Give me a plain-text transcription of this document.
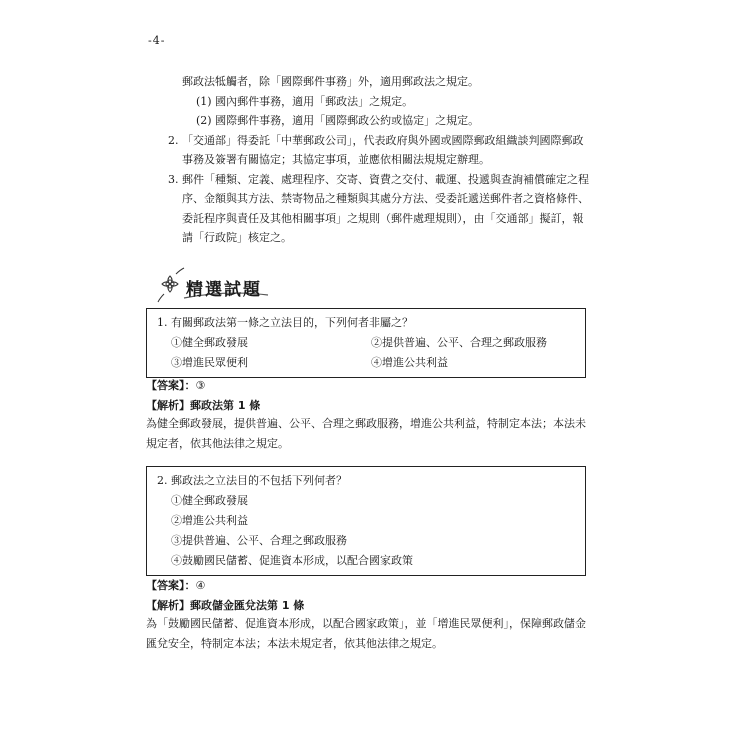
-4-

郵政法牴觸者，除「國際郵件事務」外，適用郵政法之規定。

(1) 國內郵件事務，適用「郵政法」之規定。

(2) 國際郵件事務，適用「國際郵政公約或協定」之規定。

2. 「交通部」得委託「中華郵政公司」，代表政府與外國或國際郵政組織談判國際郵政事務及簽署有關協定；其協定事項，並應依相關法規規定辦理。
3. 郵件「種類、定義、處理程序、交寄、資費之交付、載運、投遞與查詢補償確定之程序、金額與其方法、禁寄物品之種類與其處分方法、受委託遞送郵件者之資格條件、委託程序與責任及其他相關事項」之規則（郵件處理規則），由「交通部」擬訂，報請「行政院」核定之。
精選試題

1. 有關郵政法第一條之立法目的，下列何者非屬之？

①健全郵政發展	②提供普遍、公平、合理之郵政服務
③增進民眾便利	④增進公共利益
【答案】：③
【解析】郵政法第 1 條
為健全郵政發展，提供普遍、公平、合理之郵政服務，增進公共利益，特制定本法；本法未規定者，依其他法律之規定。

2. 郵政法之立法目的不包括下列何者？

①健全郵政發展
②增進公共利益
③提供普遍、公平、合理之郵政服務
④鼓勵國民儲蓄、促進資本形成，以配合國家政策
【答案】：④
【解析】郵政儲金匯兌法第 1 條
為「鼓勵國民儲蓄、促進資本形成，以配合國家政策」，並「增進民眾便利」，保障郵政儲金匯兌安全，特制定本法；本法未規定者，依其他法律之規定。
